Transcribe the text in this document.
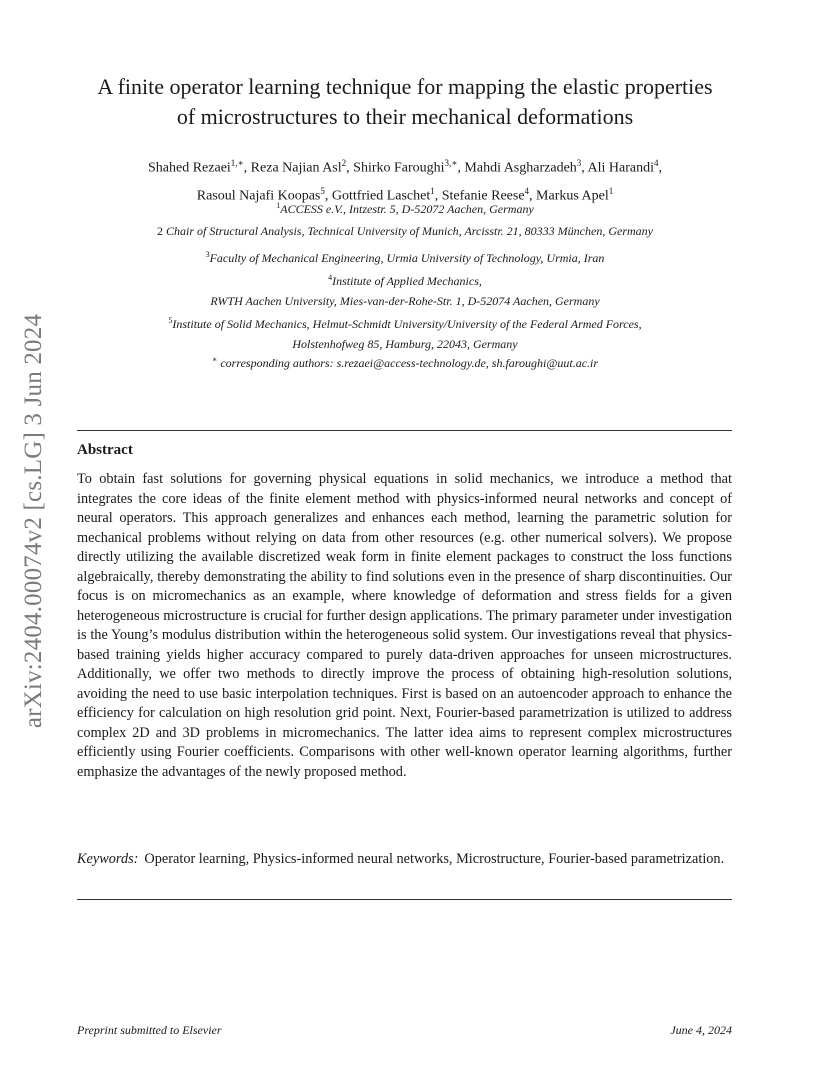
arXiv:2404.00074v2 [cs.LG] 3 Jun 2024
A finite operator learning technique for mapping the elastic properties
of microstructures to their mechanical deformations
Shahed Rezaei$^{1,∗}$, Reza Najian Asl$^2$, Shirko Faroughi$^{3,∗}$, Mahdi Asgharzadeh$^3$, Ali Harandi$^4$,
Rasoul Najafi Koopas$^5$, Gottfried Laschet$^1$, Stefanie Reese$^4$, Markus Apel$^1$
$^1$ACCESS e.V., Intzestr. 5, D-52072 Aachen, Germany
2 Chair of Structural Analysis, Technical University of Munich, Arcisstr. 21, 80333 München, Germany
$^3$Faculty of Mechanical Engineering, Urmia University of Technology, Urmia, Iran
$^4$Institute of Applied Mechanics,
RWTH Aachen University, Mies-van-der-Rohe-Str. 1, D-52074 Aachen, Germany
$^5$Institute of Solid Mechanics, Helmut-Schmidt University/University of the Federal Armed Forces,
Holstenhofweg 85, Hamburg, 22043, Germany
∗ corresponding authors: s.rezaei@access-technology.de, sh.faroughi@uut.ac.ir
Abstract
To obtain fast solutions for governing physical equations in solid mechanics, we introduce a method that integrates the core ideas of the finite element method with physics-informed neural networks and concept of neural operators. This approach generalizes and enhances each method, learning the parametric solution for mechanical problems without relying on data from other resources (e.g. other numerical solvers). We propose directly utilizing the available discretized weak form in finite element packages to construct the loss functions algebraically, thereby demonstrating the ability to find solutions even in the presence of sharp discontinuities. Our focus is on micromechanics as an example, where knowledge of deformation and stress fields for a given heterogeneous microstructure is crucial for further design applications. The primary parameter under investigation is the Young’s modulus distribution within the heterogeneous solid system. Our investigations reveal that physics-based training yields higher accuracy compared to purely data-driven approaches for unseen microstructures. Additionally, we offer two methods to directly improve the process of obtaining high-resolution solutions, avoiding the need to use basic interpolation techniques. First is based on an autoencoder approach to enhance the efficiency for calculation on high resolution grid point. Next, Fourier-based parametrization is utilized to address complex 2D and 3D problems in micromechanics. The latter idea aims to represent complex microstructures efficiently using Fourier coefficients. Comparisons with other well-known operator learning algorithms, further emphasize the advantages of the newly proposed method.
Keywords: Operator learning, Physics-informed neural networks, Microstructure, Fourier-based parametrization.
Preprint submitted to Elsevier	June 4, 2024
